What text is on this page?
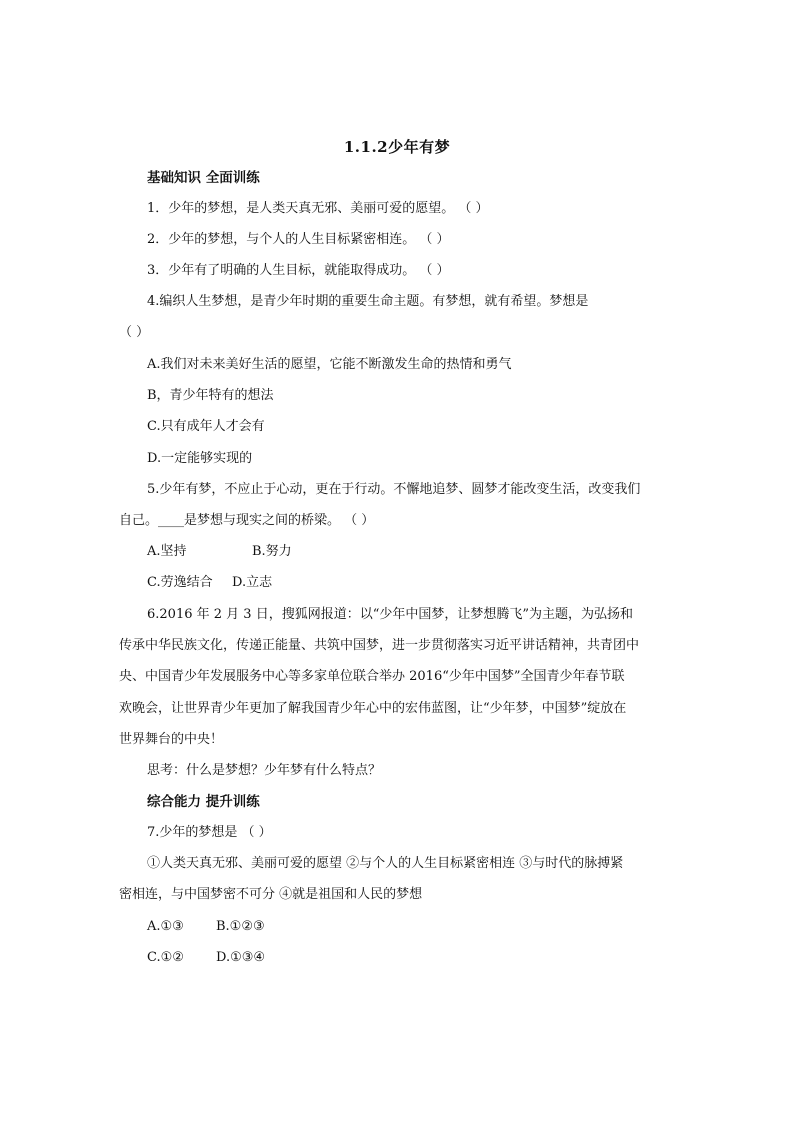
1.1.2少年有梦
基础知识 全面训练
1．少年的梦想，是人类天真无邪、美丽可爱的愿望。 （ ）
2．少年的梦想，与个人的人生目标紧密相连。 （ ）
3．少年有了明确的人生目标，就能取得成功。 （ ）
4.编织人生梦想，是青少年时期的重要生命主题。有梦想，就有希望。梦想是
（ ）
A.我们对未来美好生活的愿望，它能不断激发生命的热情和勇气
B，青少年特有的想法
C.只有成年人才会有
D.一定能够实现的
5.少年有梦，不应止于心动，更在于行动。不懈地追梦、圆梦才能改变生活，改变我们
自己。____是梦想与现实之间的桥梁。 （ ）
A.坚持	B.努力
C.劳逸结合 D.立志
6.2016 年 2 月 3 日，搜狐网报道：以“少年中国梦，让梦想腾飞”为主题，为弘扬和
传承中华民族文化，传递正能量、共筑中国梦，进一步贯彻落实习近平讲话精神，共青团中
央、中国青少年发展服务中心等多家单位联合举办 2016“少年中国梦”全国青少年春节联
欢晚会，让世界青少年更加了解我国青少年心中的宏伟蓝图，让“少年梦，中国梦”绽放在
世界舞台的中央！
思考：什么是梦想？少年梦有什么特点？
综合能力 提升训练
7.少年的梦想是 （ ）
①人类天真无邪、美丽可爱的愿望 ②与个人的人生目标紧密相连 ③与时代的脉搏紧
密相连，与中国梦密不可分 ④就是祖国和人民的梦想
A.①③ B.①②③
C.①② D.①③④
